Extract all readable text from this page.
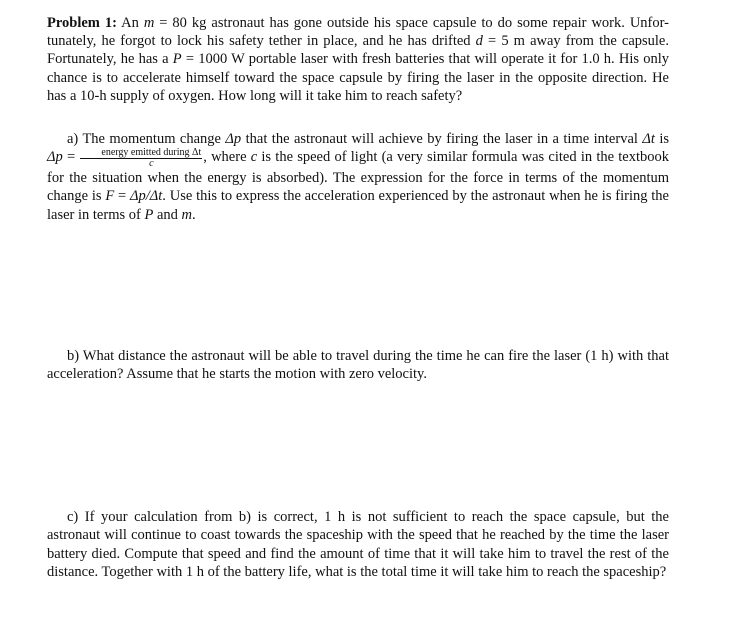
Problem 1: An m = 80 kg astronaut has gone outside his space capsule to do some repair work. Unfor-tunately, he forgot to lock his safety tether in place, and he has drifted d = 5 m away from the capsule. Fortunately, he has a P = 1000 W portable laser with fresh batteries that will operate it for 1.0 h. His only chance is to accelerate himself toward the space capsule by firing the laser in the opposite direction. He has a 10-h supply of oxygen. How long will it take him to reach safety?

a) The momentum change Δp that the astronaut will achieve by firing the laser in a time interval Δt is $\Delta p = \frac{\text{energy emitted during Δt}}{c}$ , where c is the speed of light (a very similar formula was cited in the textbook for the situation when the energy is absorbed). The expression for the force in terms of the momentum change is F = Δp/Δt. Use this to express the acceleration experienced by the astronaut when he is firing the laser in terms of P and m.

b) What distance the astronaut will be able to travel during the time he can fire the laser (1 h) with that acceleration? Assume that he starts the motion with zero velocity.

c) If your calculation from b) is correct, 1 h is not sufficient to reach the space capsule, but the astronaut will continue to coast towards the spaceship with the speed that he reached by the time the laser battery died. Compute that speed and find the amount of time that it will take him to travel the rest of the distance. Together with 1 h of the battery life, what is the total time it will take him to reach the spaceship?
